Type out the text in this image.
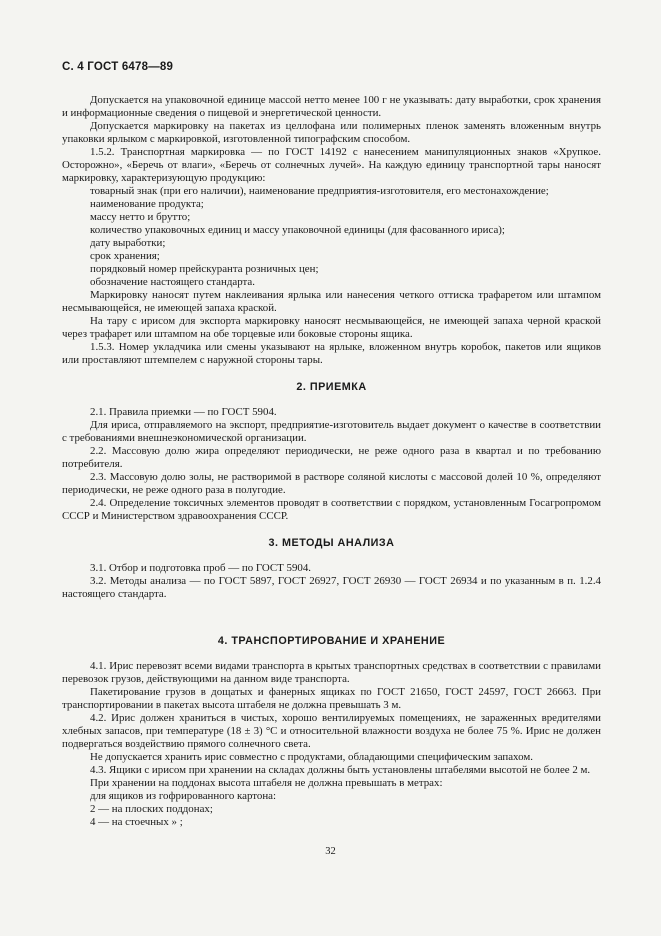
С. 4 ГОСТ 6478—89

Допускается на упаковочной единице массой нетто менее 100 г не указывать: дату выработки, срок хранения и информационные сведения о пищевой и энергетической ценности.

Допускается маркировку на пакетах из целлофана или полимерных пленок заменять вложенным внутрь упаковки ярлыком с маркировкой, изготовленной типографским способом.

1.5.2. Транспортная маркировка — по ГОСТ 14192 с нанесением манипуляционных знаков «Хрупкое. Осторожно», «Беречь от влаги», «Беречь от солнечных лучей». На каждую единицу транспортной тары наносят маркировку, характеризующую продукцию:

товарный знак (при его наличии), наименование предприятия-изготовителя, его местонахождение;

наименование продукта;

массу нетто и брутто;

количество упаковочных единиц и массу упаковочной единицы (для фасованного ириса);

дату выработки;

срок хранения;

порядковый номер прейскуранта розничных цен;

обозначение настоящего стандарта.

Маркировку наносят путем наклеивания ярлыка или нанесения четкого оттиска трафаретом или штампом несмывающейся, не имеющей запаха краской.

На тару с ирисом для экспорта маркировку наносят несмывающейся, не имеющей запаха черной краской через трафарет или штампом на обе торцевые или боковые стороны ящика.

1.5.3. Номер укладчика или смены указывают на ярлыке, вложенном внутрь коробок, пакетов или ящиков или проставляют штемпелем с наружной стороны тары.

2. ПРИЕМКА

2.1. Правила приемки — по ГОСТ 5904.

Для ириса, отправляемого на экспорт, предприятие-изготовитель выдает документ о качестве в соответствии с требованиями внешнеэкономической организации.

2.2. Массовую долю жира определяют периодически, не реже одного раза в квартал и по требованию потребителя.

2.3. Массовую долю золы, не растворимой в растворе соляной кислоты с массовой долей 10 %, определяют периодически, не реже одного раза в полугодие.

2.4. Определение токсичных элементов проводят в соответствии с порядком, установленным Госагропромом СССР и Министерством здравоохранения СССР.

3. МЕТОДЫ АНАЛИЗА

3.1. Отбор и подготовка проб — по ГОСТ 5904.

3.2. Методы анализа — по ГОСТ 5897, ГОСТ 26927, ГОСТ 26930 — ГОСТ 26934 и по указанным в п. 1.2.4 настоящего стандарта.

4. ТРАНСПОРТИРОВАНИЕ И ХРАНЕНИЕ

4.1. Ирис перевозят всеми видами транспорта в крытых транспортных средствах в соответствии с правилами перевозок грузов, действующими на данном виде транспорта.

Пакетирование грузов в дощатых и фанерных ящиках по ГОСТ 21650, ГОСТ 24597, ГОСТ 26663. При транспортировании в пакетах высота штабеля не должна превышать 3 м.

4.2. Ирис должен храниться в чистых, хорошо вентилируемых помещениях, не зараженных вредителями хлебных запасов, при температуре (18 ± 3) °С и относительной влажности воздуха не более 75 %. Ирис не должен подвергаться воздействию прямого солнечного света.

Не допускается хранить ирис совместно с продуктами, обладающими специфическим запахом.

4.3. Ящики с ирисом при хранении на складах должны быть установлены штабелями высотой не более 2 м.

При хранении на поддонах высота штабеля не должна превышать в метрах:

для ящиков из гофрированного картона:

2 — на плоских поддонах;

4 — на стоечных » ;

32
